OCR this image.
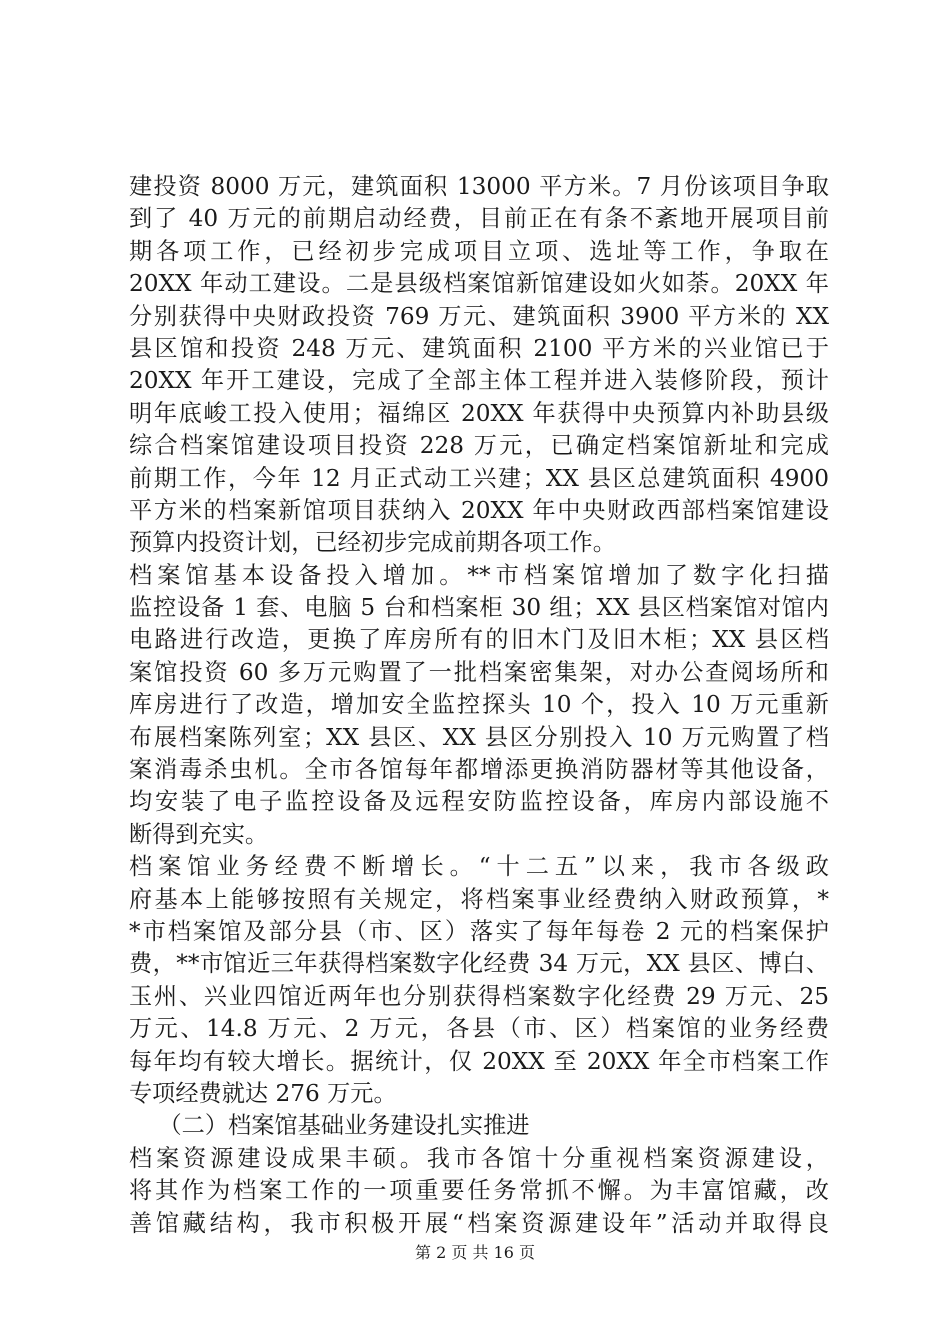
建投资 8000 万元，建筑面积 13000 平方米。7 月份该项目争取
到了 40 万元的前期启动经费，目前正在有条不紊地开展项目前
期各项工作，已经初步完成项目立项、选址等工作，争取在
20XX 年动工建设。二是县级档案馆新馆建设如火如荼。20XX 年
分别获得中央财政投资 769 万元、建筑面积 3900 平方米的 XX
县区馆和投资 248 万元、建筑面积 2100 平方米的兴业馆已于
20XX 年开工建设，完成了全部主体工程并进入装修阶段，预计
明年底峻工投入使用；福绵区 20XX 年获得中央预算内补助县级
综合档案馆建设项目投资 228 万元，已确定档案馆新址和完成
前期工作，今年 12 月正式动工兴建；XX 县区总建筑面积 4900
平方米的档案新馆项目获纳入 20XX 年中央财政西部档案馆建设
预算内投资计划，已经初步完成前期各项工作。
档案馆基本设备投入增加。**市档案馆增加了数字化扫描
监控设备 1 套、电脑 5 台和档案柜 30 组；XX 县区档案馆对馆内
电路进行改造，更换了库房所有的旧木门及旧木柜；XX 县区档
案馆投资 60 多万元购置了一批档案密集架，对办公查阅场所和
库房进行了改造，增加安全监控探头 10 个，投入 10 万元重新
布展档案陈列室；XX 县区、XX 县区分别投入 10 万元购置了档
案消毒杀虫机。全市各馆每年都增添更换消防器材等其他设备，
均安装了电子监控设备及远程安防监控设备，库房内部设施不
断得到充实。
档案馆业务经费不断增长。“十二五”以来，我市各级政
府基本上能够按照有关规定，将档案事业经费纳入财政预算，*
*市档案馆及部分县（市、区）落实了每年每卷 2 元的档案保护
费，**市馆近三年获得档案数字化经费 34 万元，XX 县区、博白、
玉州、兴业四馆近两年也分别获得档案数字化经费 29 万元、25
万元、14.8 万元、2 万元，各县（市、区）档案馆的业务经费
每年均有较大增长。据统计，仅 20XX 至 20XX 年全市档案工作
专项经费就达 276 万元。
（二）档案馆基础业务建设扎实推进
档案资源建设成果丰硕。我市各馆十分重视档案资源建设，
将其作为档案工作的一项重要任务常抓不懈。为丰富馆藏，改
善馆藏结构，我市积极开展“档案资源建设年”活动并取得良
第 2 页 共 16 页
